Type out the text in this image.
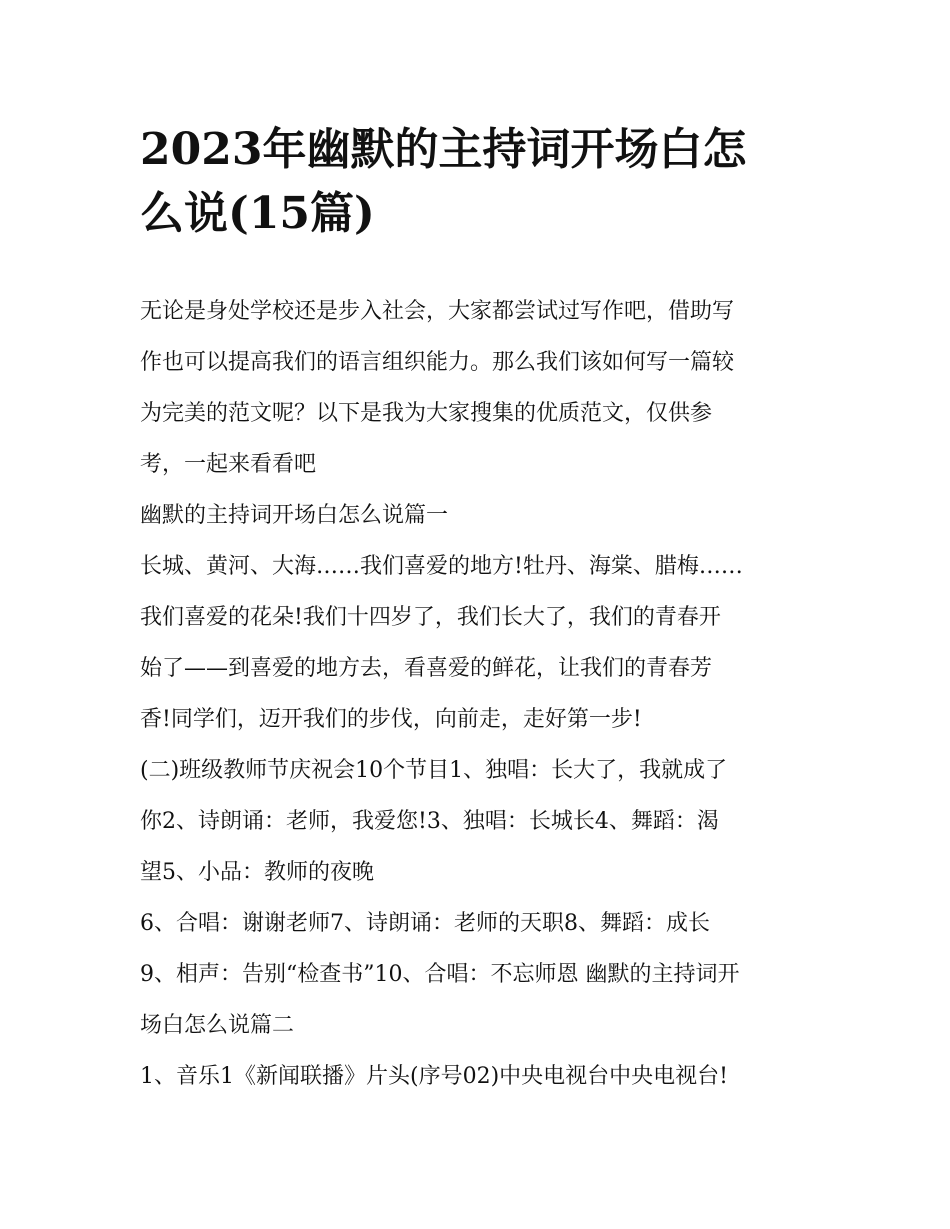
2023年幽默的主持词开场白怎
么说(15篇)

无论是身处学校还是步入社会，大家都尝试过写作吧，借助写
作也可以提高我们的语言组织能力。那么我们该如何写一篇较
为完美的范文呢？以下是我为大家搜集的优质范文，仅供参
考，一起来看看吧

幽默的主持词开场白怎么说篇一

长城、黄河、大海……我们喜爱的地方!牡丹、海棠、腊梅……
我们喜爱的花朵!我们十四岁了，我们长大了，我们的青春开
始了——到喜爱的地方去，看喜爱的鲜花，让我们的青春芳
香!同学们，迈开我们的步伐，向前走，走好第一步!

(二)班级教师节庆祝会10个节目1、独唱：长大了，我就成了
你2、诗朗诵：老师，我爱您!3、独唱：长城长4、舞蹈：渴
望5、小品：教师的夜晚

6、合唱：谢谢老师7、诗朗诵：老师的天职8、舞蹈：成长
9、相声：告别“检查书”10、合唱：不忘师恩 幽默的主持词开
场白怎么说篇二

1、音乐1《新闻联播》片头(序号02)中央电视台中央电视台!
